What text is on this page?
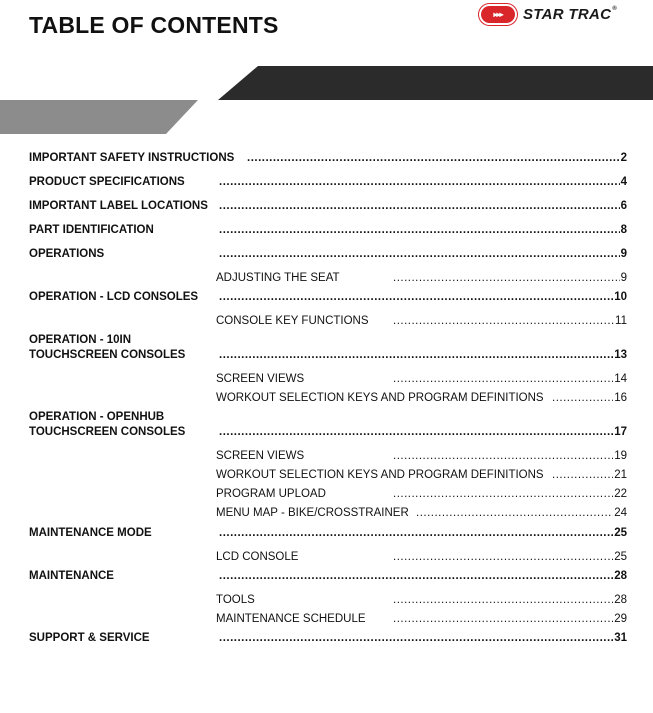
TABLE OF CONTENTS	▸▸▸ STAR TRAC®
IMPORTANT SAFETY INSTRUCTIONS .....	2
PRODUCT SPECIFICATIONS .....	4
IMPORTANT LABEL LOCATIONS .....	6
PART IDENTIFICATION .....	8
OPERATIONS .....	9
ADJUSTING THE SEAT .....	9
OPERATION - LCD CONSOLES .....	10
CONSOLE KEY FUNCTIONS .....	11
OPERATION - 10IN
TOUCHSCREEN CONSOLES .....	13
SCREEN VIEWS .....	14
WORKOUT SELECTION KEYS AND PROGRAM DEFINITIONS .....	16
OPERATION - OPENHUB
TOUCHSCREEN CONSOLES .....	17
SCREEN VIEWS .....	19
WORKOUT SELECTION KEYS AND PROGRAM DEFINITIONS .....	21
PROGRAM UPLOAD .....	22
MENU MAP - BIKE/CROSSTRAINER .....	24
MAINTENANCE MODE .....	25
LCD CONSOLE .....	25
MAINTENANCE .....	28
TOOLS .....	28
MAINTENANCE SCHEDULE .....	29
SUPPORT & SERVICE .....	31
